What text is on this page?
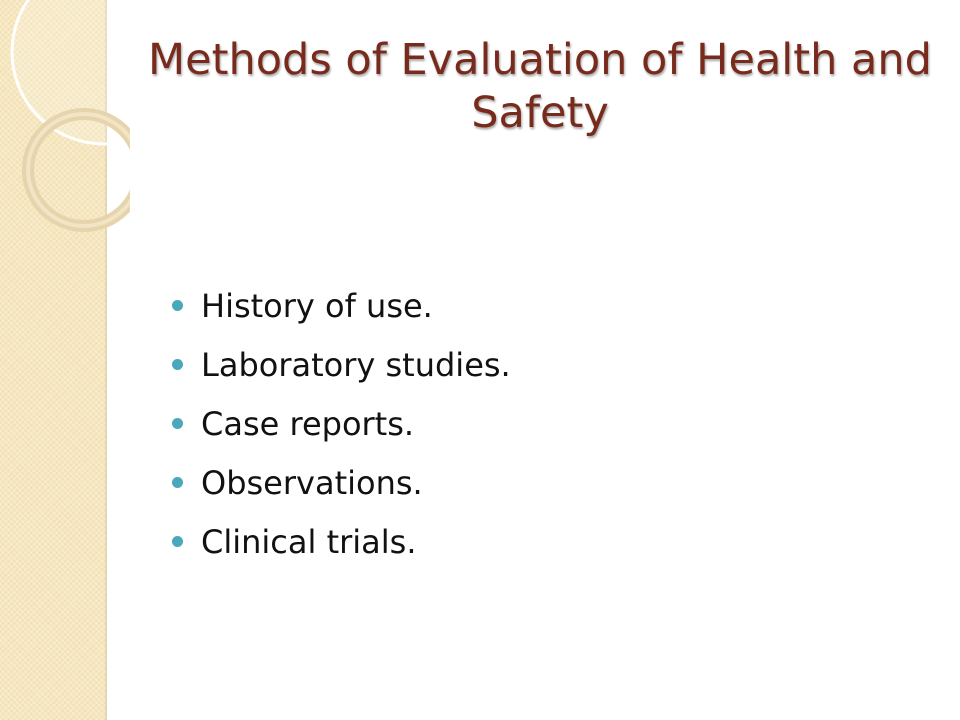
Methods of Evaluation of Health and Safety
History of use.
Laboratory studies.
Case reports.
Observations.
Clinical trials.
